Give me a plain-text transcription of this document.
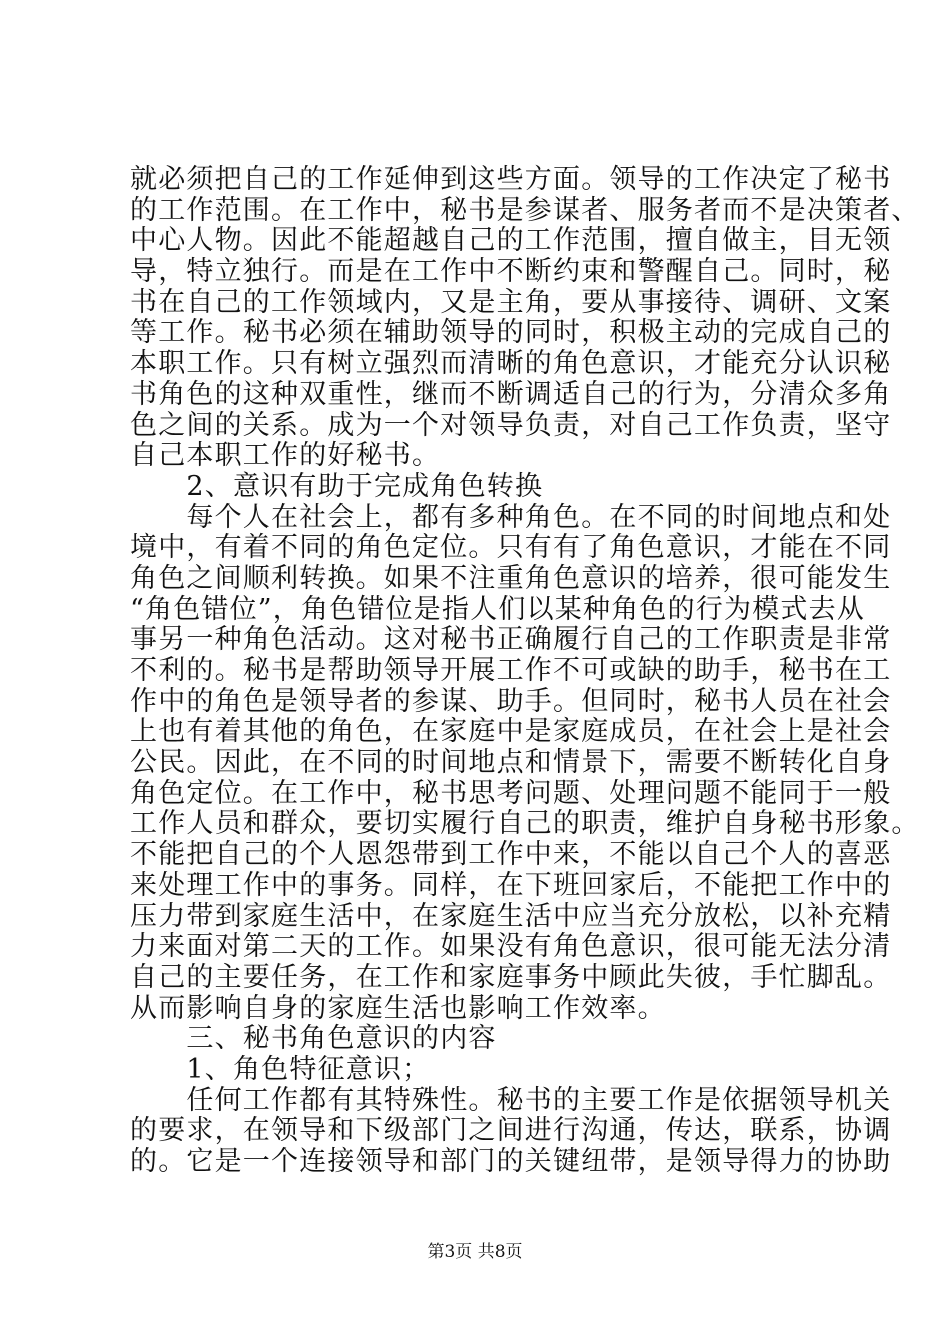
就必须把自己的工作延伸到这些方面。领导的工作决定了秘书
的工作范围。在工作中，秘书是参谋者、服务者而不是决策者、
中心人物。因此不能超越自己的工作范围，擅自做主，目无领
导，特立独行。而是在工作中不断约束和警醒自己。同时，秘
书在自己的工作领域内，又是主角，要从事接待、调研、文案
等工作。秘书必须在辅助领导的同时，积极主动的完成自己的
本职工作。只有树立强烈而清晰的角色意识，才能充分认识秘
书角色的这种双重性，继而不断调适自己的行为，分清众多角
色之间的关系。成为一个对领导负责，对自己工作负责，坚守
自己本职工作的好秘书。
　　2、意识有助于完成角色转换
　　每个人在社会上，都有多种角色。在不同的时间地点和处
境中，有着不同的角色定位。只有有了角色意识，才能在不同
角色之间顺利转换。如果不注重角色意识的培养，很可能发生
“角色错位”，角色错位是指人们以某种角色的行为模式去从
事另一种角色活动。这对秘书正确履行自己的工作职责是非常
不利的。秘书是帮助领导开展工作不可或缺的助手，秘书在工
作中的角色是领导者的参谋、助手。但同时，秘书人员在社会
上也有着其他的角色，在家庭中是家庭成员，在社会上是社会
公民。因此，在不同的时间地点和情景下，需要不断转化自身
角色定位。在工作中，秘书思考问题、处理问题不能同于一般
工作人员和群众，要切实履行自己的职责，维护自身秘书形象。
不能把自己的个人恩怨带到工作中来，不能以自己个人的喜恶
来处理工作中的事务。同样，在下班回家后，不能把工作中的
压力带到家庭生活中，在家庭生活中应当充分放松，以补充精
力来面对第二天的工作。如果没有角色意识，很可能无法分清
自己的主要任务，在工作和家庭事务中顾此失彼，手忙脚乱。
从而影响自身的家庭生活也影响工作效率。
　　三、秘书角色意识的内容
　　1、角色特征意识；
　　任何工作都有其特殊性。秘书的主要工作是依据领导机关
的要求，在领导和下级部门之间进行沟通，传达，联系，协调
的。它是一个连接领导和部门的关键纽带，是领导得力的协助
第3页 共8页
